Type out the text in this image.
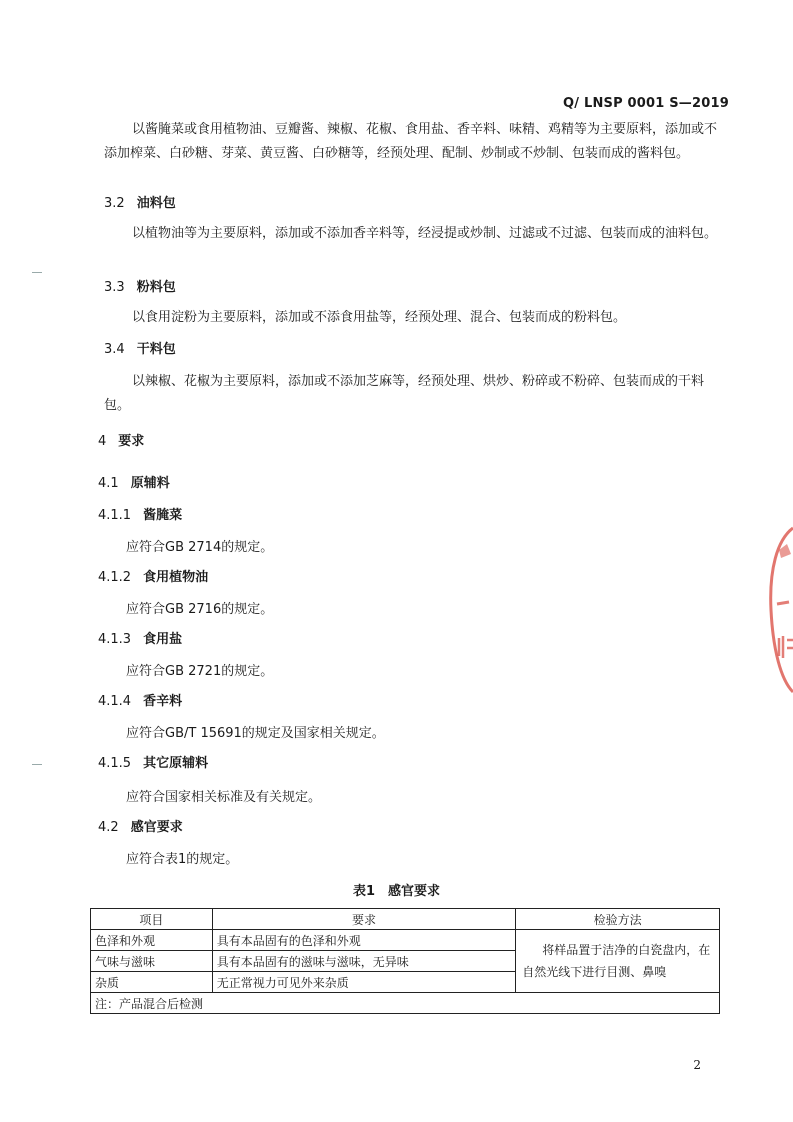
Q/ LNSP 0001 S—2019
以酱腌菜或食用植物油、豆瓣酱、辣椒、花椒、食用盐、香辛料、味精、鸡精等为主要原料，添加或不添加榨菜、白砂糖、芽菜、黄豆酱、白砂糖等，经预处理、配制、炒制或不炒制、包装而成的酱料包。
3.2 油料包
以植物油等为主要原料，添加或不添加香辛料等，经浸提或炒制、过滤或不过滤、包装而成的油料包。
3.3 粉料包
以食用淀粉为主要原料，添加或不添食用盐等，经预处理、混合、包装而成的粉料包。
3.4 干料包
以辣椒、花椒为主要原料，添加或不添加芝麻等，经预处理、烘炒、粉碎或不粉碎、包装而成的干料包。
4 要求
4.1 原辅料
4.1.1 酱腌菜
应符合GB 2714的规定。
4.1.2 食用植物油
应符合GB 2716的规定。
4.1.3 食用盐
应符合GB 2721的规定。
4.1.4 香辛料
应符合GB/T 15691的规定及国家相关规定。
4.1.5 其它原辅料
应符合国家相关标准及有关规定。
4.2 感官要求
应符合表1的规定。
表1　感官要求
项目	要求	检验方法
色泽和外观	具有本品固有的色泽和外观	将样品置于洁净的白瓷盘内，在自然光线下进行目测、鼻嗅
气味与滋味	具有本品固有的滋味与滋味，无异味	
杂质	无正常视力可见外来杂质	
注：产品混合后检测		
2
